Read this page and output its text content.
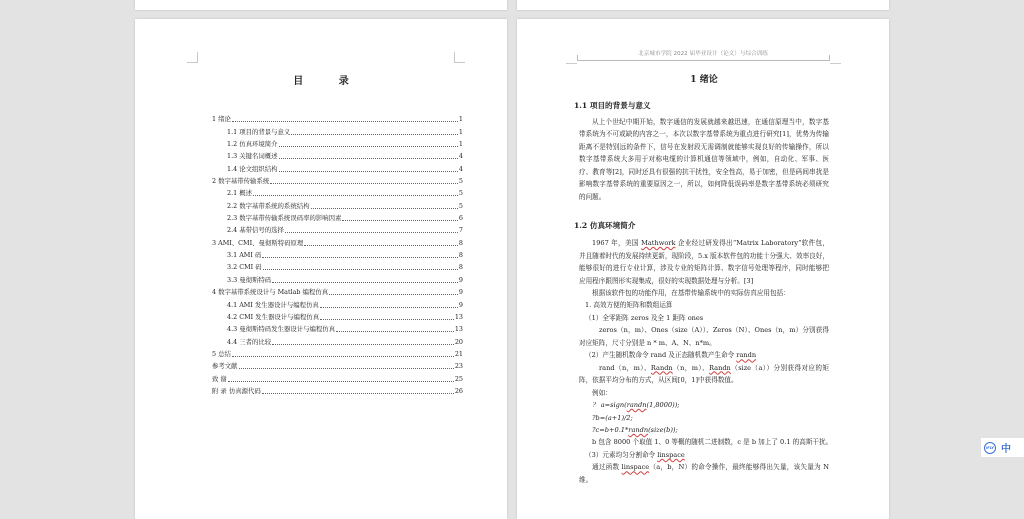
目 录
1 绪论	1
1.1 项目的背景与意义	1
1.2 仿真环境简介	1
1.3 关键名词概述	4
1.4 论文组织结构	4
2 数字基带传输系统	5
2.1 概述	5
2.2 数字基带系统的系统结构	5
2.3 数字基带传输系统误码率的影响因素	6
2.4 基带信号的选择	7
3 AMI、CMI、曼彻斯特码原理	8
3.1 AMI 码	8
3.2 CMI 码	8
3.3 曼彻斯特码	9
4 数字基带系统设计与 Matlab 编程仿真	9
4.1 AMI 发生器设计与编程仿真	9
4.2 CMI 发生器设计与编程仿真	13
4.3 曼彻斯特码发生器设计与编程仿真	13
4.4 三者的比较	20
5 总结	21
参考文献	23
致 谢	25
附 录 仿真源代码	26
北京城市学院 2022 届毕业设计（论文）与综合训练
1 绪论
1.1 项目的背景与意义

从上个世纪中期开始，数字通信的发展就越来越迅速，在通信原理当中，数字基带系统为不可或缺的内容之一，本次以数字基带系统为重点进行研究[1]，优势为传输距离不是特别远的条件下，信号在发射段无需调制就能够实现良好的传输操作，所以数字基带系统大多用于对称电缆的计算机通信等领域中，例如，自动化、军事、医疗、教育等[2]，同时还具有很强的抗干扰性，安全性高，易于加密，但是码间串扰是影响数字基带系统的重要原因之一，所以，如何降低误码率是数字基带系统必须研究的问题。

1.2 仿真环境简介

1967 年，美国 Mathwork 企业经过研发得出“Matrix Laboratory”软件包，并且随着时代的发展持续更新，现阶段，5.x 版本软件包的功能十分强大、效率良好，能够很好的进行专业计算，涉及专业的矩阵计算、数字信号处理等程序，同时能够把应用程序跟图形实现集成，很好的实现数据处理与分析。[3]

根据该软件包的功能作用，在基带传输系统中的实际仿真应用包括：

1. 高效方便的矩阵和数组运算

（1）全零距阵 zeros 及全 1 距阵 ones

zeros（n，m）、Ones（size（A））、Zeros（N）、Ones（n，m）分别获得对应矩阵，尺寸分别是 n * m、A、N、n*m。

（2）产生随机数命令 rand 及正态随机数产生命令 randn

rand（n，m）、Randn（n，m）、Randn（size（a））分别获得对应的矩阵，依据平均分布的方式，从区间[0，1]中获得数值。

例如：

？ a=sign(randn(1,8000));

?b=(a+1)/2;

?c=b+0.1*randn(size(b));

b 包含 8000 个取值 1、0 等概的随机二进制数，c 是 b 加上了 0.1 的高斯干扰。

（3）元素均匀分割命令 linspace

通过函数 linspace（a，b，N）的命令操作，最终能够得出矢量，该矢量为 N 维。

iFLY 中
